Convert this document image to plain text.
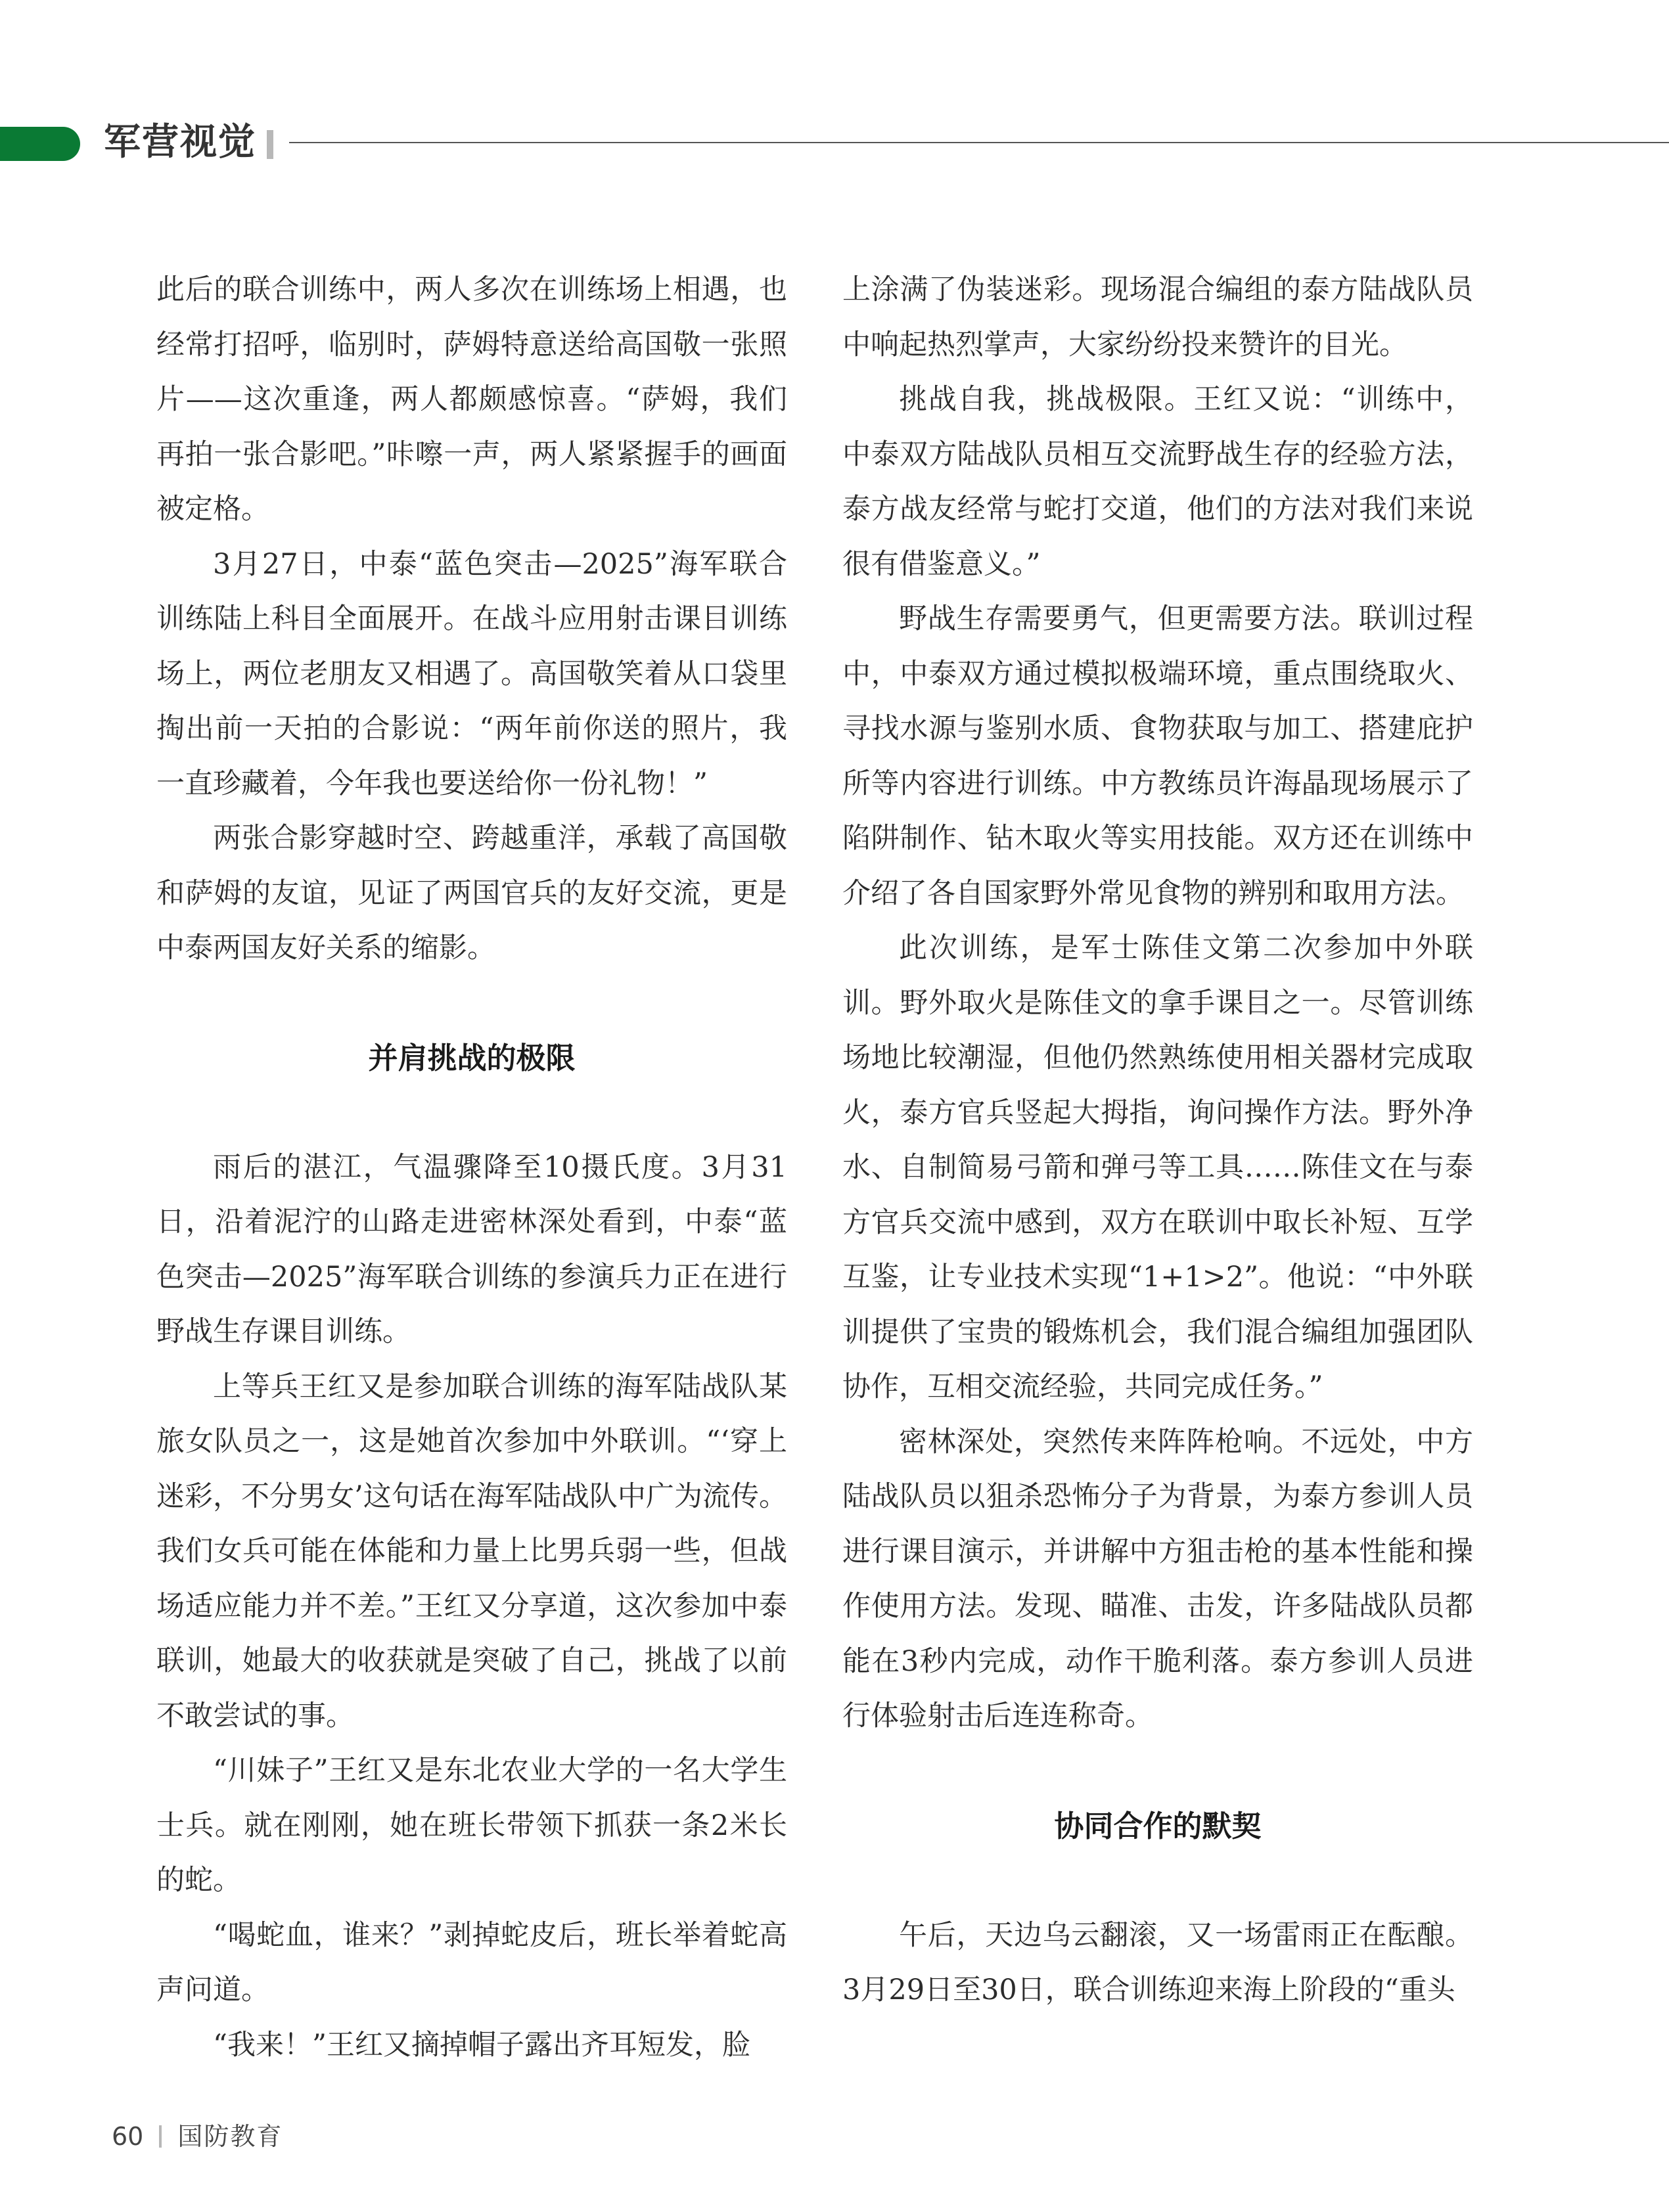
军营视觉

此后的联合训练中，两人多次在训练场上相遇，也经常打招呼，临别时，萨姆特意送给高国敬一张照片——这次重逢，两人都颇感惊喜。“萨姆，我们再拍一张合影吧。”咔嚓一声，两人紧紧握手的画面被定格。

3月27日，中泰“蓝色突击—2025”海军联合训练陆上科目全面展开。在战斗应用射击课目训练场上，两位老朋友又相遇了。高国敬笑着从口袋里掏出前一天拍的合影说：“两年前你送的照片，我一直珍藏着，今年我也要送给你一份礼物！”

两张合影穿越时空、跨越重洋，承载了高国敬和萨姆的友谊，见证了两国官兵的友好交流，更是中泰两国友好关系的缩影。

并肩挑战的极限

雨后的湛江，气温骤降至10摄氏度。3月31日，沿着泥泞的山路走进密林深处看到，中泰“蓝色突击—2025”海军联合训练的参演兵力正在进行野战生存课目训练。

上等兵王红又是参加联合训练的海军陆战队某旅女队员之一，这是她首次参加中外联训。“‘穿上迷彩，不分男女’这句话在海军陆战队中广为流传。我们女兵可能在体能和力量上比男兵弱一些，但战场适应能力并不差。”王红又分享道，这次参加中泰联训，她最大的收获就是突破了自己，挑战了以前不敢尝试的事。

“川妹子”王红又是东北农业大学的一名大学生士兵。就在刚刚，她在班长带领下抓获一条2米长的蛇。

“喝蛇血，谁来？”剥掉蛇皮后，班长举着蛇高声问道。

“我来！”王红又摘掉帽子露出齐耳短发，脸

上涂满了伪装迷彩。现场混合编组的泰方陆战队员中响起热烈掌声，大家纷纷投来赞许的目光。

挑战自我，挑战极限。王红又说：“训练中，中泰双方陆战队员相互交流野战生存的经验方法，泰方战友经常与蛇打交道，他们的方法对我们来说很有借鉴意义。”

野战生存需要勇气，但更需要方法。联训过程中，中泰双方通过模拟极端环境，重点围绕取火、寻找水源与鉴别水质、食物获取与加工、搭建庇护所等内容进行训练。中方教练员许海晶现场展示了陷阱制作、钻木取火等实用技能。双方还在训练中介绍了各自国家野外常见食物的辨别和取用方法。

此次训练，是军士陈佳文第二次参加中外联训。野外取火是陈佳文的拿手课目之一。尽管训练场地比较潮湿，但他仍然熟练使用相关器材完成取火，泰方官兵竖起大拇指，询问操作方法。野外净水、自制简易弓箭和弹弓等工具……陈佳文在与泰方官兵交流中感到，双方在联训中取长补短、互学互鉴，让专业技术实现“1+1>2”。他说：“中外联训提供了宝贵的锻炼机会，我们混合编组加强团队协作，互相交流经验，共同完成任务。”

密林深处，突然传来阵阵枪响。不远处，中方陆战队员以狙杀恐怖分子为背景，为泰方参训人员进行课目演示，并讲解中方狙击枪的基本性能和操作使用方法。发现、瞄准、击发，许多陆战队员都能在3秒内完成，动作干脆利落。泰方参训人员进行体验射击后连连称奇。

协同合作的默契

午后，天边乌云翻滚，又一场雷雨正在酝酿。3月29日至30日，联合训练迎来海上阶段的“重头

60 国防教育
